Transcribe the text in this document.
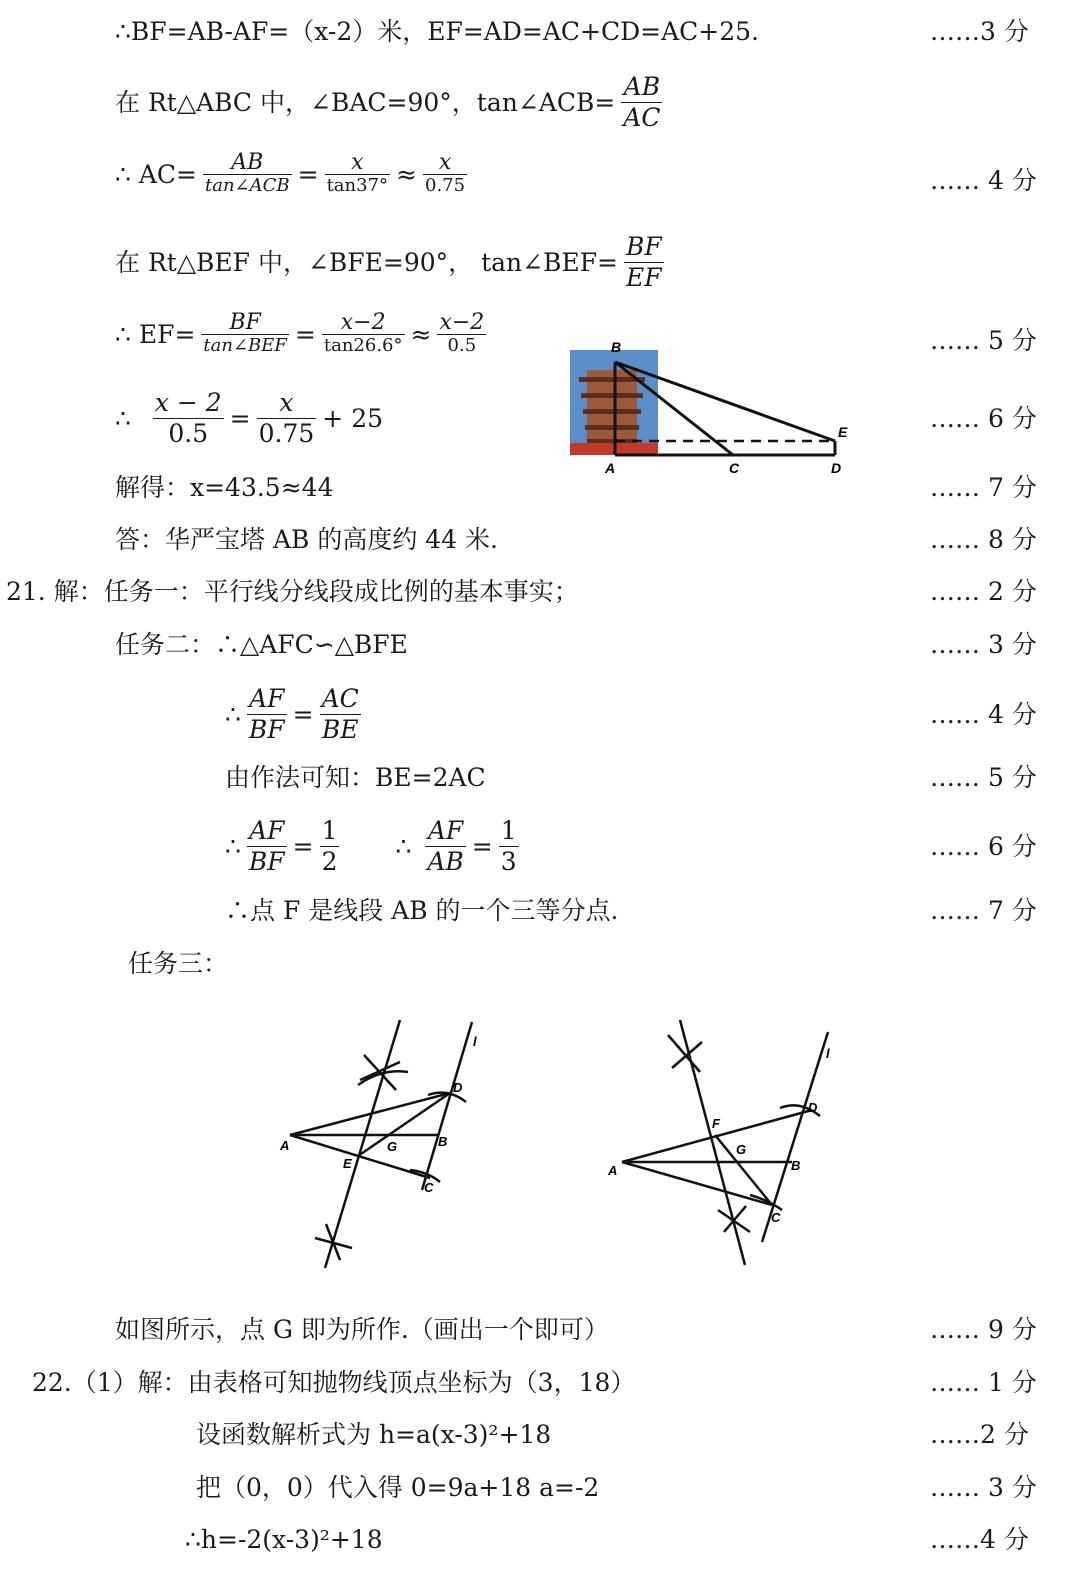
∴BF=AB-AF=（x-2）米，EF=AD=AC+CD=AC+25.	……3 分
在 Rt△ABC 中，∠BAC=90°，tan∠ACB= $\frac{AB}{AC}$
∴ $AC= \frac{AB}{\text{tan∠ACB}} = \frac{x}{\tan 37^\circ} \approx \frac{x}{0.75}$	…… 4 分
在 Rt△BEF 中，∠BFE=90°， tan∠BEF= $\frac{BF}{EF}$
∴ $EF= \frac{BF}{\text{tan∠BEF}} = \frac{x-2}{\tan 26.6^\circ} \approx \frac{x-2}{0.5}$	…… 5 分
∴ $\frac{x - 2}{0.5} = \frac{x}{0.75} + 25$	…… 6 分
解得：x=43.5≈44	…… 7 分
答：华严宝塔 AB 的高度约 44 米.	…… 8 分
B
E
A	C	D
21. 解：任务一：平行线分线段成比例的基本事实；	…… 2 分
任务二：∴△AFC∽△BFE	…… 3 分
∴ $\frac{AF}{BF} = \frac{AC}{BE}$	…… 4 分
由作法可知：BE=2AC	…… 5 分
∴ $\frac{AF}{BF} = \frac{1}{2}$ ∴ $\frac{AF}{AB} = \frac{1}{3}$	…… 6 分
∴点 F 是线段 AB 的一个三等分点.	…… 7 分
任务三：
l
D
A	G	B
E
C
l
D
F
G
A	B
C
如图所示，点 G 即为所作.（画出一个即可）	…… 9 分
22.（1）解：由表格可知抛物线顶点坐标为（3，18）	…… 1 分
设函数解析式为 h=a(x-3)²+18	……2 分
把（0，0）代入得 0=9a+18 a=-2	…… 3 分
∴h=-2(x-3)²+18	……4 分
